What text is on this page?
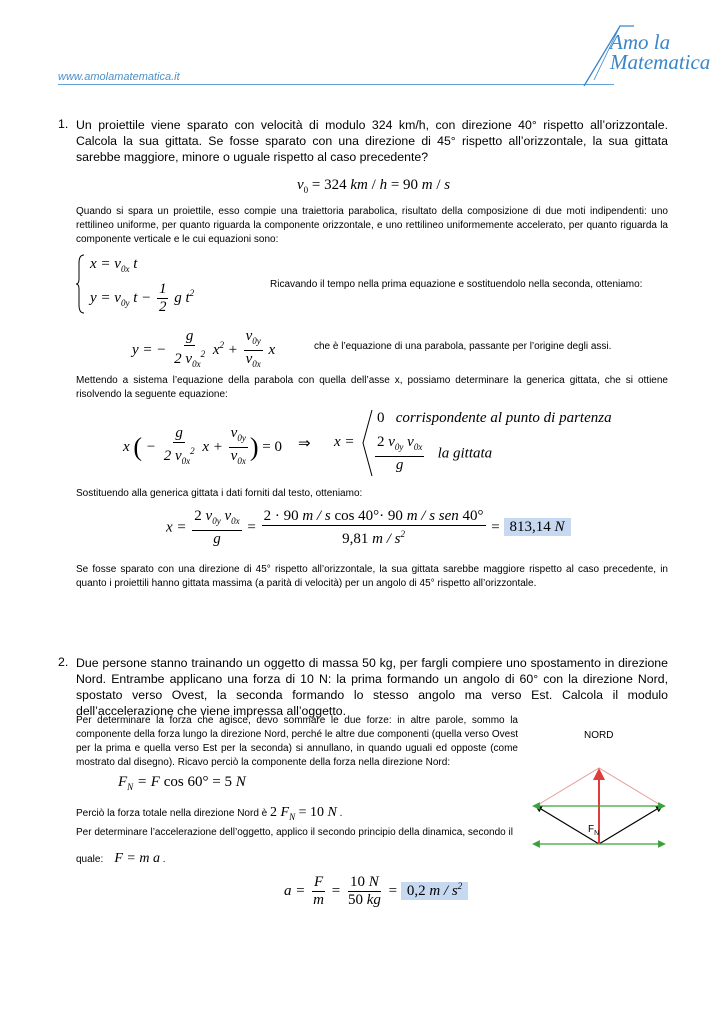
www.amolamatematica.it
Amo la
Matematica
1. Un proiettile viene sparato con velocità di modulo 324 km/h, con direzione 40° rispetto all’orizzontale. Calcola la sua gittata. Se fosse sparato con una direzione di 45° rispetto all’orizzontale, la sua gittata sarebbe maggiore, minore o uguale rispetto al caso precedente?
$v_0 = 324$ km / h = 90 m / s
Quando si spara un proiettile, esso compie una traiettoria parabolica, risultato della composizione di due moti indipendenti: uno rettilineo uniforme, per quanto riguarda la componente orizzontale, e uno rettilineo uniformemente accelerato, per quanto riguarda la componente verticale e le cui equazioni sono:
$x = v_{0x}$ t
$y = v_{0y}$ $t - \frac{1}{2}$ g $t^2$
Ricavando il tempo nella prima equazione e sostituendolo nella seconda, otteniamo:
y = − $\frac{g}{2 v_{0x}^2} x^2 + \frac{v_{0y}}{v_{0x}}$ x	che è l’equazione di una parabola, passante per l’origine degli assi.
Mettendo a sistema l’equazione della parabola con quella dell’asse x, possiamo determinare la generica gittata, che si ottiene risolvendo la seguente equazione:
x ( − $\frac{g}{2 v_{0x}^2}$ $x + \frac{v_{0y}}{v_{0x}}$ ) = 0 ⇒ x =
0 corrispondente al punto di partenza
$\frac{2 v_{0y} v_{0x}}{g}$ la gittata
Sostituendo alla generica gittata i dati forniti dal testo, otteniamo:
$x = \frac{2 v_{0y} v_{0x}}{g} = \frac{\text{2 · 90 m / s cos 40°· 90 m / s sen 40°}}{9,81 m / s^2} = 813,14$ N
Se fosse sparato con una direzione di 45° rispetto all’orizzontale, la sua gittata sarebbe maggiore rispetto al caso precedente, in quanto i proiettili hanno gittata massima (a parità di velocità) per un angolo di 45° rispetto all’orizzontale.
2. Due persone stanno trainando un oggetto di massa 50 kg, per fargli compiere uno spostamento in direzione Nord. Entrambe applicano una forza di 10 N: la prima formando un angolo di 60° con la direzione Nord, spostato verso Ovest, la seconda formando lo stesso angolo ma verso Est. Calcola il modulo dell’accelerazione che viene impressa all’oggetto.
Per determinare la forza che agisce, devo sommare le due forze: in altre parole, sommo la componente della forza lungo la direzione Nord, perché le altre due componenti (quella verso Ovest per la prima e quella verso Est per la seconda) si annullano, in quando uguali ed opposte (come mostrato dal disegno). Ricavo perciò la componente della forza nella direzione Nord:
$F_N = F$ cos 60° = 5 N
Perciò la forza totale nella direzione Nord è 2 $F_N = 10$ N .
Per determinare l’accelerazione dell’oggetto, applico il secondo principio della dinamica, secondo il
quale: F = m a .
$a = \frac{F}{m} = \frac{10 N}{50 kg} = 0,2$ m / $s^2$
NORD
$F_N$
